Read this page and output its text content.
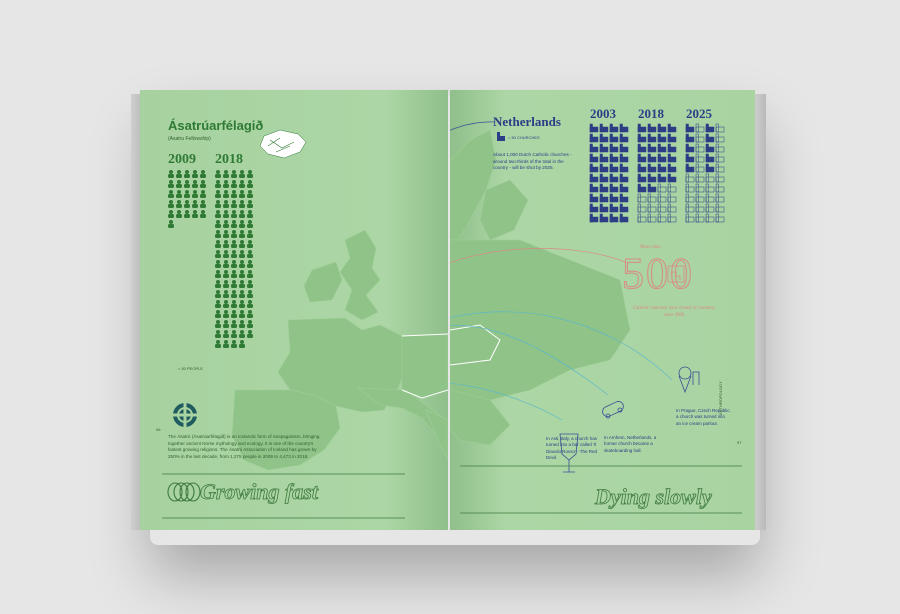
Ásatrúarfélagið
(Asatru Fellowship)
2009 2018
= 50 PEOPLE
96
The Ásatrú (Ásatrúarfélagið) is an Icelandic form of neopaganism, bringing together ancient Norse mythology and ecology. It is one of the country's fastest growing religions. The Ásatrú Association of Iceland has grown by 250% in the last decade, from 1,275 people in 2009 to 4,473 in 2018.
Growing fast
Netherlands
= 50 CHURCHES
About 1,000 Dutch Catholic churches - around two-thirds of the total in the country - will be shut by 2025.
2003 2018 2025
More than
500
Catholic churches have closed in Germany since 2000
In Asti, Italy, a church has turned into a bar called 'Il Diavolo Rosso' - The Red Devil.
In Arnhem, Netherlands, a former church became a skateboarding hall.
In Prague, Czech Republic, a church was turned into an ice cream parlour.
ANTHROPOLOGY
97
Dying slowly
